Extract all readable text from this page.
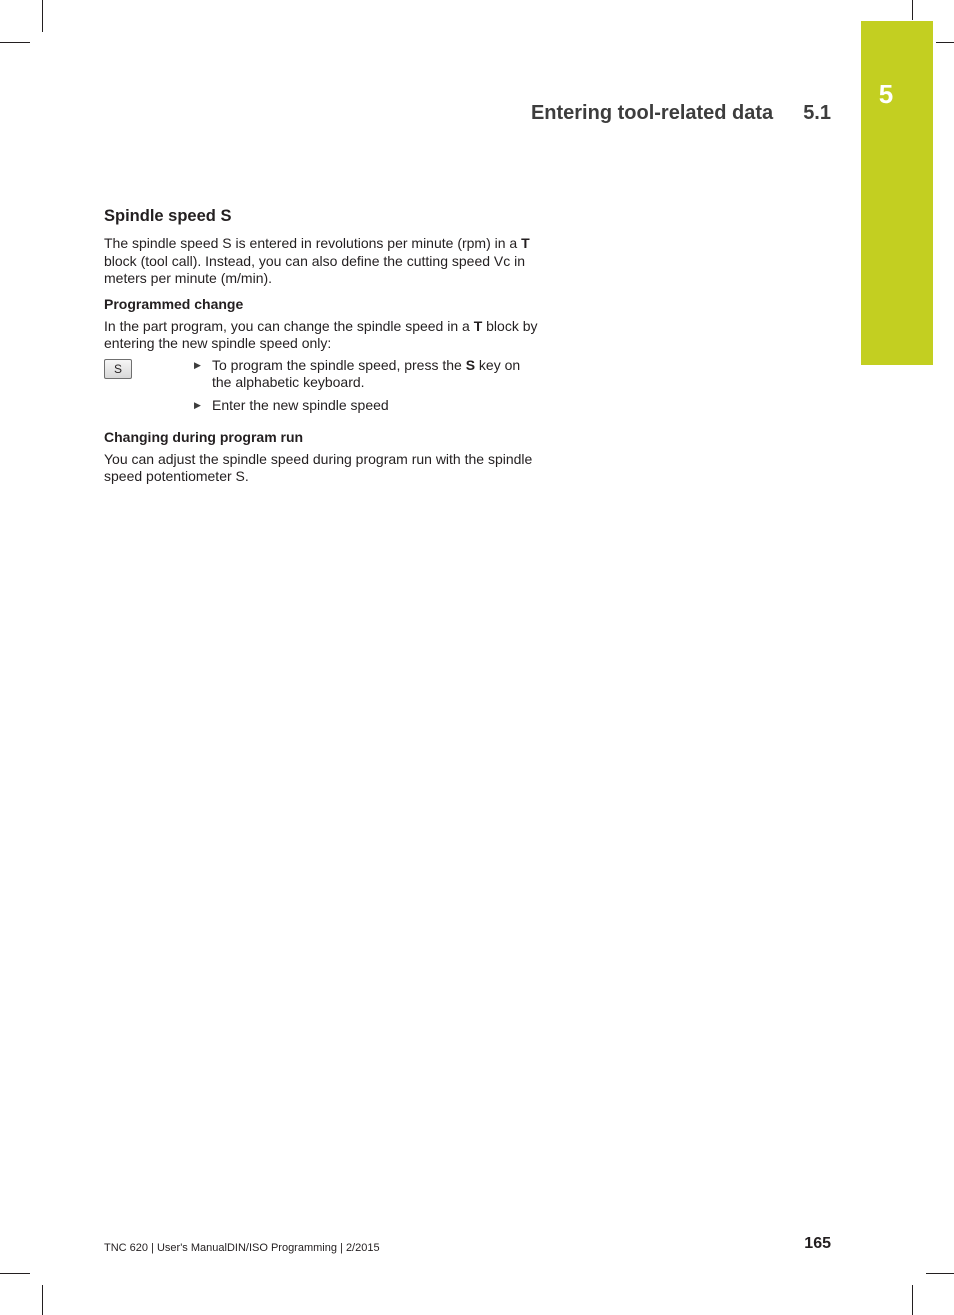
5
Entering tool-related data 5.1
Spindle speed S

The spindle speed S is entered in revolutions per minute (rpm) in a T block (tool call). Instead, you can also define the cutting speed Vc in meters per minute (m/min).

Programmed change

In the part program, you can change the spindle speed in a T block by entering the new spindle speed only:

S	▶ To program the spindle speed, press the S key on the alphabetic keyboard.
▶ Enter the new spindle speed
Changing during program run

You can adjust the spindle speed during program run with the spindle speed potentiometer S.

TNC 620 | User's ManualDIN/ISO Programming | 2/2015	165
